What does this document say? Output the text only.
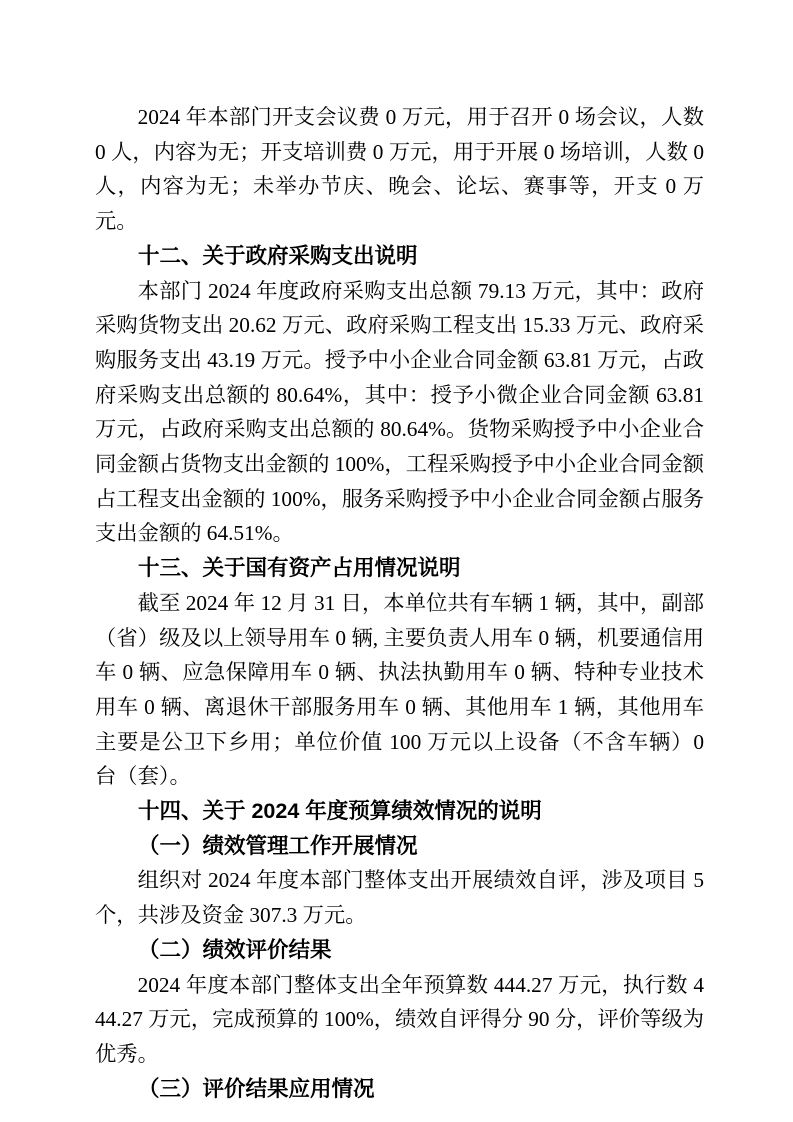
2024 年本部门开支会议费 0 万元，用于召开 0 场会议，人数 0 人，内容为无；开支培训费 0 万元，用于开展 0 场培训，人数 0 人，内容为无；未举办节庆、晚会、论坛、赛事等，开支 0 万元。

十二、关于政府采购支出说明

本部门 2024 年度政府采购支出总额 79.13 万元，其中：政府采购货物支出 20.62 万元、政府采购工程支出 15.33 万元、政府采购服务支出 43.19 万元。授予中小企业合同金额 63.81 万元，占政府采购支出总额的 80.64%，其中：授予小微企业合同金额 63.81 万元，占政府采购支出总额的 80.64%。货物采购授予中小企业合同金额占货物支出金额的 100%，工程采购授予中小企业合同金额占工程支出金额的 100%，服务采购授予中小企业合同金额占服务支出金额的 64.51%。

十三、关于国有资产占用情况说明

截至 2024 年 12 月 31 日，本单位共有车辆 1 辆，其中，副部（省）级及以上领导用车 0 辆, 主要负责人用车 0 辆，机要通信用车 0 辆、应急保障用车 0 辆、执法执勤用车 0 辆、特种专业技术用车 0 辆、离退休干部服务用车 0 辆、其他用车 1 辆，其他用车主要是公卫下乡用；单位价值 100 万元以上设备（不含车辆）0 台（套）。

十四、关于 2024 年度预算绩效情况的说明
（一）绩效管理工作开展情况

组织对 2024 年度本部门整体支出开展绩效自评，涉及项目 5 个，共涉及资金 307.3 万元。

（二）绩效评价结果

2024 年度本部门整体支出全年预算数 444.27 万元，执行数 444.27 万元，完成预算的 100%，绩效自评得分 90 分，评价等级为优秀。

（三）评价结果应用情况
